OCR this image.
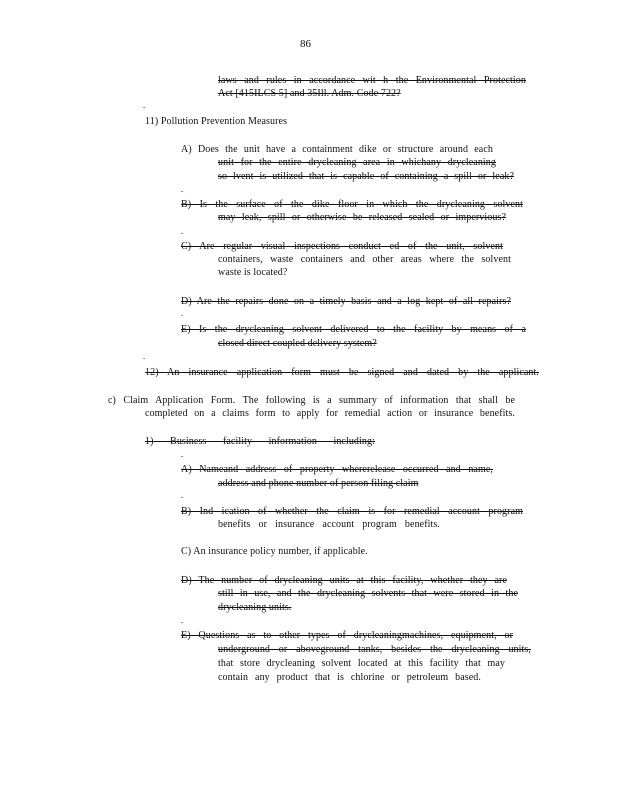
86
laws and rules in accordance wit h the Environmental Protection
Act [415ILCS 5] and 35Ill. Adm. Code 722?
-
11) Pollution Prevention Measures
A) Does the unit have a containment dike or structure around each
unit for the entire drycleaning area in whichany drycleaning
so lvent is utilized that is capable of containing a spill or leak?
-
B) Is the surface of the dike floor in which the drycleaning solvent
may leak, spill or otherwise be released sealed or impervious?
-
C) Are regular visual inspections conduct ed of the unit, solvent
containers, waste containers and other areas where the solvent
waste is located?
D) Are the repairs done on a timely basis and a log kept of all repairs?
-
E) Is the drycleaning solvent delivered to the facility by means of a
closed direct coupled delivery system?
-
12) An insurance application form must be signed and dated by the applicant.
c) Claim Application Form. The following is a summary of information that shall be
completed on a claims form to apply for remedial action or insurance benefits.
1) Business facility information including:
-
A) Nameand address of property whererelease occurred and name,
address and phone number of person filing claim
-
B) Ind ication of whether the claim is for remedial account program
benefits or insurance account program benefits.
C) An insurance policy number, if applicable.
D) The number of drycleaning units at this facility, whether they are
still in use, and the drycleaning solvents that were stored in the
drycleaning units.
-
E) Questions as to other types of drycleaningmachines, equipment, or
underground or aboveground tanks, besides the drycleaning units,
that store drycleaning solvent located at this facility that may
contain any product that is chlorine or petroleum based.
